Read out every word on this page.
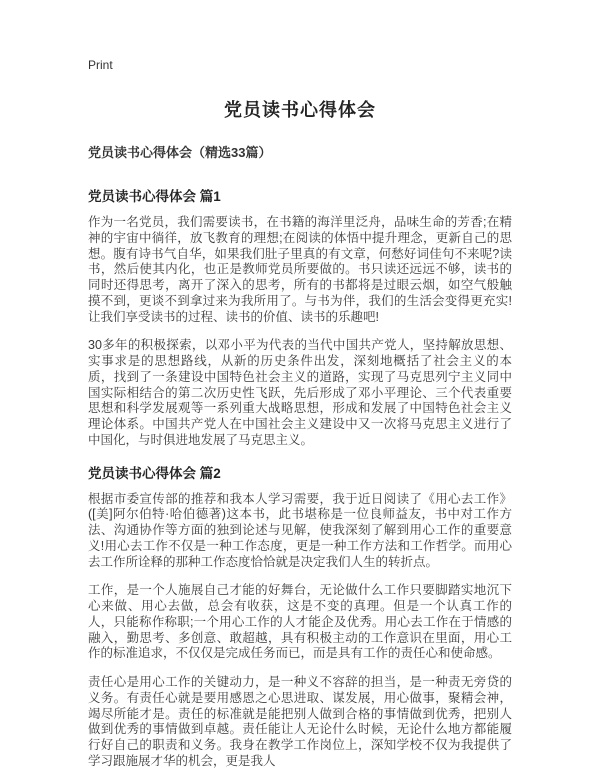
Print
党员读书心得体会
党员读书心得体会（精选33篇）
党员读书心得体会 篇1

作为一名党员，我们需要读书，在书籍的海洋里泛舟，品味生命的芳香;在精神的宇宙中徜徉，放飞教育的理想;在阅读的体悟中提升理念，更新自己的思想。腹有诗书气自华，如果我们肚子里真的有文章，何愁好词佳句不来呢?读书，然后使其内化，也正是教师党员所要做的。书只读还远远不够，读书的同时还得思考，离开了深入的思考，所有的书都将是过眼云烟，如空气般触摸不到，更谈不到拿过来为我所用了。与书为伴，我们的生活会变得更充实!让我们享受读书的过程、读书的价值、读书的乐趣吧!

30多年的积极探索，以邓小平为代表的当代中国共产党人，坚持解放思想、实事求是的思想路线，从新的历史条件出发，深刻地概括了社会主义的本质，找到了一条建设中国特色社会主义的道路，实现了马克思列宁主义同中国实际相结合的第二次历史性飞跃，先后形成了邓小平理论、三个代表重要思想和科学发展观等一系列重大战略思想，形成和发展了中国特色社会主义理论体系。中国共产党人在中国社会主义建设中又一次将马克思主义进行了中国化，与时俱进地发展了马克思主义。

党员读书心得体会 篇2

根据市委宣传部的推荐和我本人学习需要，我于近日阅读了《用心去工作》([美]阿尔伯特·哈伯德著)这本书，此书堪称是一位良师益友，书中对工作方法、沟通协作等方面的独到论述与见解，使我深刻了解到用心工作的重要意义!用心去工作不仅是一种工作态度，更是一种工作方法和工作哲学。而用心去工作所诠释的那种工作态度恰恰就是决定我们人生的转折点。

工作，是一个人施展自己才能的好舞台，无论做什么工作只要脚踏实地沉下心来做、用心去做，总会有收获，这是不变的真理。但是一个认真工作的人，只能称作称职;一个用心工作的人才能企及优秀。用心去工作在于情感的融入，勤思考、多创意、敢超越，具有积极主动的工作意识在里面，用心工作的标准追求，不仅仅是完成任务而已，而是具有工作的责任心和使命感。

责任心是用心工作的关键动力，是一种义不容辞的担当，是一种责无旁贷的义务。有责任心就是要用感恩之心思进取、谋发展，用心做事，聚精会神，竭尽所能才是。责任的标准就是能把别人做到合格的事情做到优秀，把别人做到优秀的事情做到卓越。责任能让人无论什么时候，无论什么地方都能履行好自己的职责和义务。我身在教学工作岗位上，深知学校不仅为我提供了学习跟施展才华的机会，更是我人
